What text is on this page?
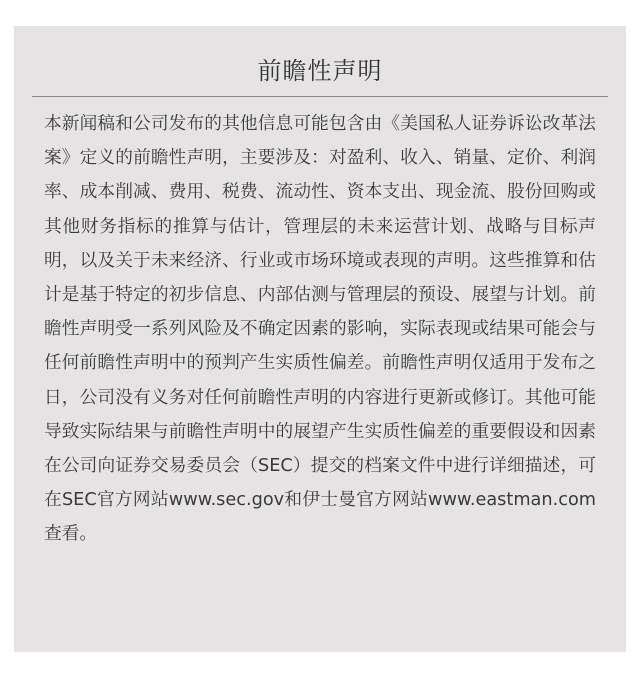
前瞻性声明

本新闻稿和公司发布的其他信息可能包含由《美国私人证券诉讼改革法案》定义的前瞻性声明，主要涉及：对盈利、收入、销量、定价、利润率、成本削减、费用、税费、流动性、资本支出、现金流、股份回购或其他财务指标的推算与估计，管理层的未来运营计划、战略与目标声明，以及关于未来经济、行业或市场环境或表现的声明。这些推算和估计是基于特定的初步信息、内部估测与管理层的预设、展望与计划。前瞻性声明受一系列风险及不确定因素的影响，实际表现或结果可能会与任何前瞻性声明中的预判产生实质性偏差。前瞻性声明仅适用于发布之日，公司没有义务对任何前瞻性声明的内容进行更新或修订。其他可能导致实际结果与前瞻性声明中的展望产生实质性偏差的重要假设和因素在公司向证券交易委员会（SEC）提交的档案文件中进行详细描述，可在SEC官方网站www.sec.gov和伊士曼官方网站www.eastman.com查看。
